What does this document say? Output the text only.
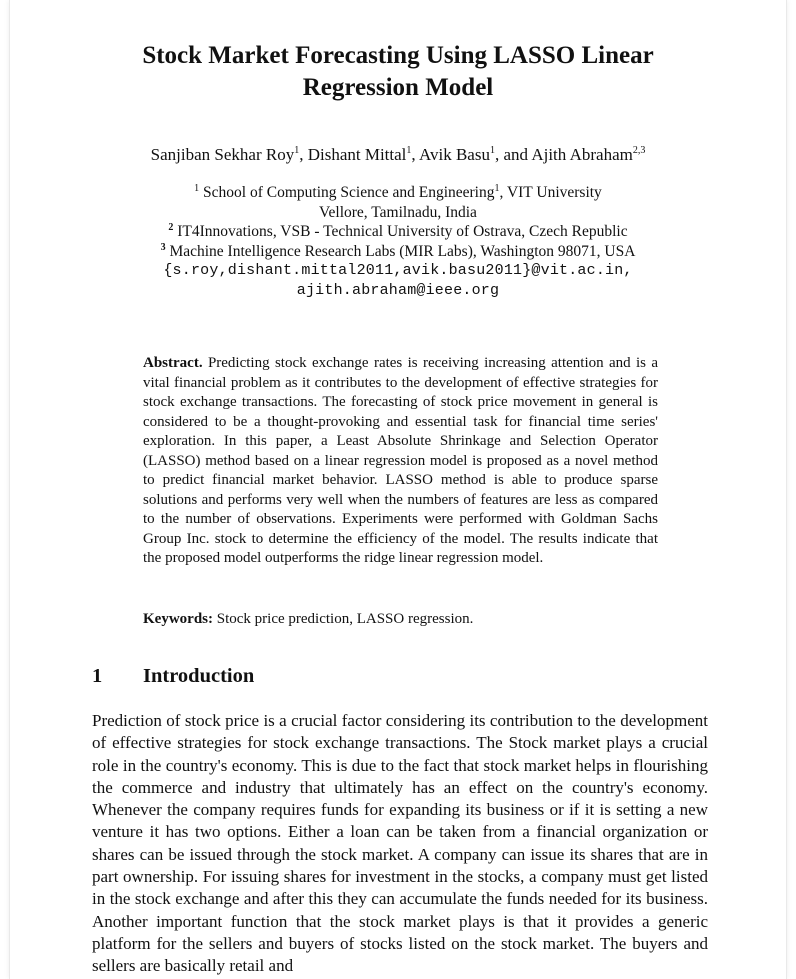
Stock Market Forecasting Using LASSO Linear
Regression Model
Sanjiban Sekhar Roy$^1$, Dishant Mittal$^1$, Avik Basu$^1$, and Ajith Abraham$^{2,3}$
$^1$ School of Computing Science and Engineering$^1$, VIT University
Vellore, Tamilnadu, India
$^2$ IT4Innovations, VSB - Technical University of Ostrava, Czech Republic
$^3$ Machine Intelligence Research Labs (MIR Labs), Washington 98071, USA
{s.roy,dishant.mittal2011,avik.basu2011}@vit.ac.in,
ajith.abraham@ieee.org
Abstract. Predicting stock exchange rates is receiving increasing attention and is a vital financial problem as it contributes to the development of effective strategies for stock exchange transactions. The forecasting of stock price movement in general is considered to be a thought-provoking and essential task for financial time series' exploration. In this paper, a Least Absolute Shrinkage and Selection Operator (LASSO) method based on a linear regression model is proposed as a novel method to predict financial market behavior. LASSO method is able to produce sparse solutions and performs very well when the numbers of features are less as compared to the number of observations. Experiments were performed with Goldman Sachs Group Inc. stock to determine the efficiency of the model. The results indicate that the proposed model outperforms the ridge linear regression model.
Keywords: Stock price prediction, LASSO regression.
1 Introduction
Prediction of stock price is a crucial factor considering its contribution to the development of effective strategies for stock exchange transactions. The Stock market plays a crucial role in the country's economy. This is due to the fact that stock market helps in flourishing the commerce and industry that ultimately has an effect on the country's economy. Whenever the company requires funds for expanding its business or if it is setting a new venture it has two options. Either a loan can be taken from a financial organization or shares can be issued through the stock market. A company can issue its shares that are in part ownership. For issuing shares for investment in the stocks, a company must get listed in the stock exchange and after this they can accumulate the funds needed for its business. Another important function that the stock market plays is that it provides a generic platform for the sellers and buyers of stocks listed on the stock market. The buyers and sellers are basically retail and
